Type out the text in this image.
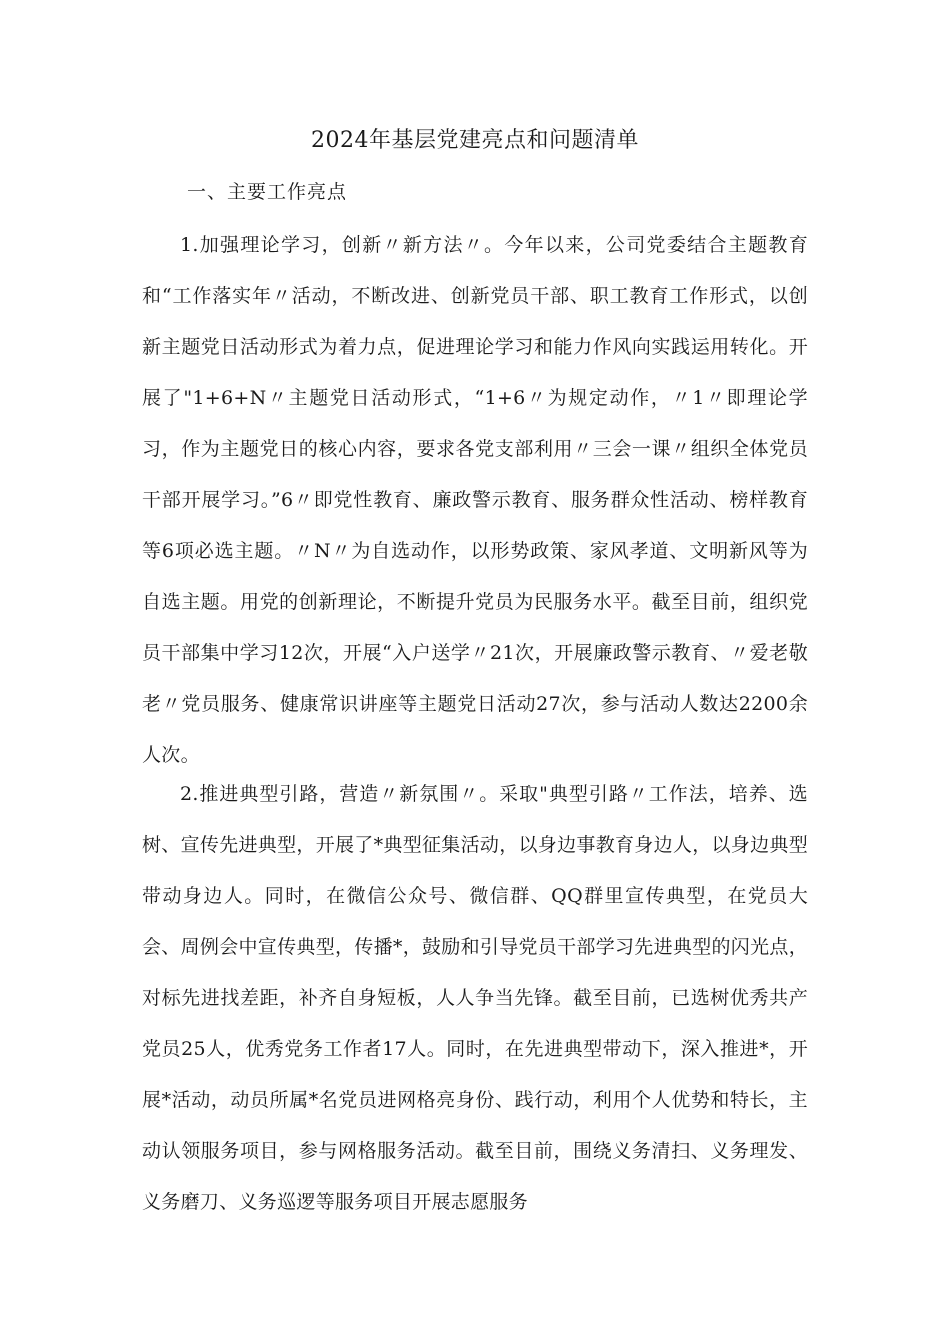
2024年基层党建亮点和问题清单
一、主要工作亮点

1.加强理论学习，创新〃新方法〃。今年以来，公司党委结合主题教育和“工作落实年〃活动，不断改进、创新党员干部、职工教育工作形式，以创新主题党日活动形式为着力点，促进理论学习和能力作风向实践运用转化。开展了"1+6+N〃主题党日活动形式，“1+6〃为规定动作，〃1〃即理论学习，作为主题党日的核心内容，要求各党支部利用〃三会一课〃组织全体党员干部开展学习。”6〃即党性教育、廉政警示教育、服务群众性活动、榜样教育等6项必选主题。〃N〃为自选动作，以形势政策、家风孝道、文明新风等为自选主题。用党的创新理论，不断提升党员为民服务水平。截至目前，组织党员干部集中学习12次，开展“入户送学〃21次，开展廉政警示教育、〃爱老敬老〃党员服务、健康常识讲座等主题党日活动27次，参与活动人数达2200余人次。

2.推进典型引路，营造〃新氛围〃。采取"典型引路〃工作法，培养、选树、宣传先进典型，开展了*典型征集活动，以身边事教育身边人，以身边典型带动身边人。同时，在微信公众号、微信群、QQ群里宣传典型，在党员大会、周例会中宣传典型，传播*，鼓励和引导党员干部学习先进典型的闪光点，对标先进找差距，补齐自身短板，人人争当先锋。截至目前，已选树优秀共产党员25人，优秀党务工作者17人。同时，在先进典型带动下，深入推进*，开展*活动，动员所属*名党员进网格亮身份、践行动，利用个人优势和特长，主动认领服务项目，参与网格服务活动。截至目前，围绕义务清扫、义务理发、义务磨刀、义务巡逻等服务项目开展志愿服务
